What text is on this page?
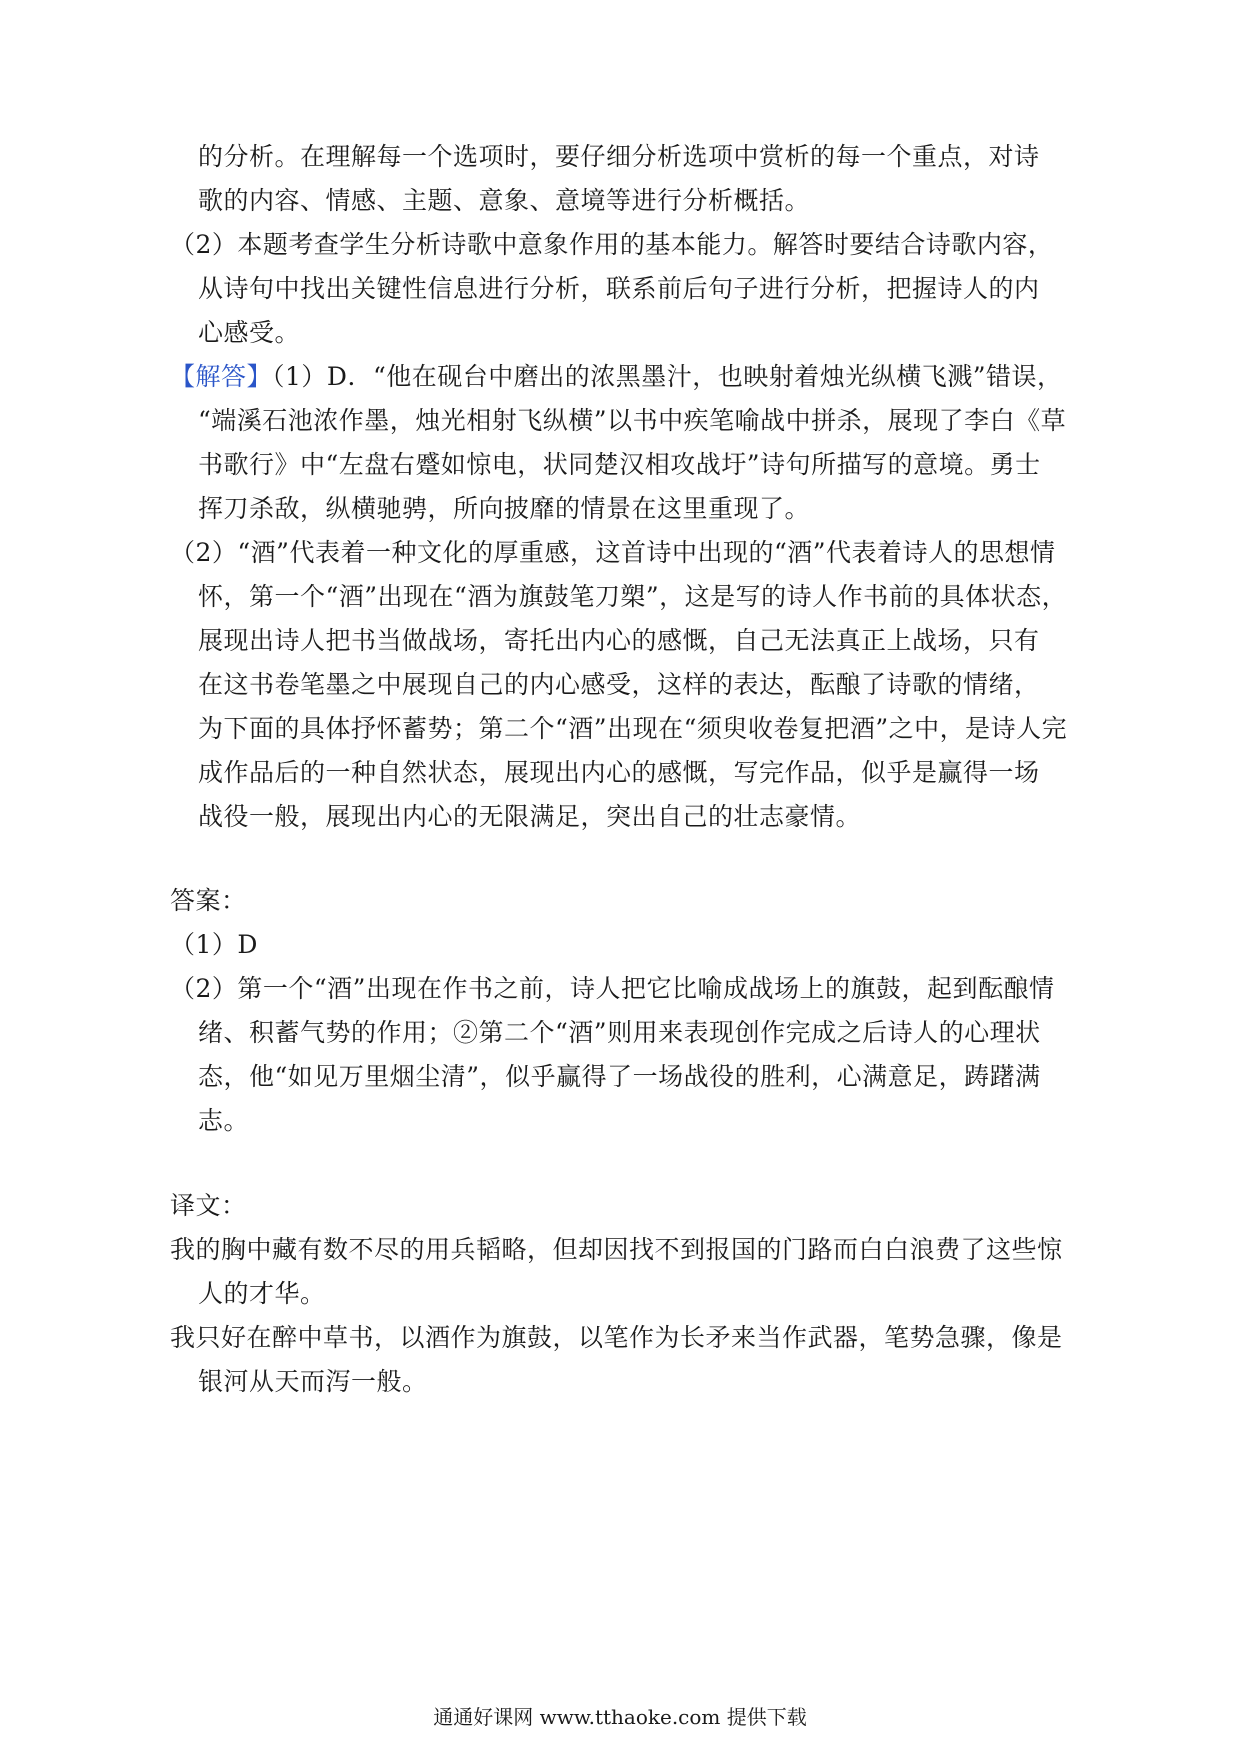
的分析。在理解每一个选项时，要仔细分析选项中赏析的每一个重点，对诗
歌的内容、情感、主题、意象、意境等进行分析概括。
（2）本题考查学生分析诗歌中意象作用的基本能力。解答时要结合诗歌内容，
从诗句中找出关键性信息进行分析，联系前后句子进行分析，把握诗人的内
心感受。
【解答】（1）D．“他在砚台中磨出的浓黑墨汁，也映射着烛光纵横飞溅”错误，
“端溪石池浓作墨，烛光相射飞纵横”以书中疾笔喻战中拼杀，展现了李白《草
书歌行》中“左盘右蹙如惊电，状同楚汉相攻战圩”诗句所描写的意境。勇士
挥刀杀敌，纵横驰骋，所向披靡的情景在这里重现了。
（2）“酒”代表着一种文化的厚重感，这首诗中出现的“酒”代表着诗人的思想情
怀，第一个“酒”出现在“酒为旗鼓笔刀槊”，这是写的诗人作书前的具体状态，
展现出诗人把书当做战场，寄托出内心的感慨，自己无法真正上战场，只有
在这书卷笔墨之中展现自己的内心感受，这样的表达，酝酿了诗歌的情绪，
为下面的具体抒怀蓄势；第二个“酒”出现在“须臾收卷复把酒”之中，是诗人完
成作品后的一种自然状态，展现出内心的感慨，写完作品，似乎是赢得一场
战役一般，展现出内心的无限满足，突出自己的壮志豪情。
答案：
（1）D
（2）第一个“酒”出现在作书之前，诗人把它比喻成战场上的旗鼓，起到酝酿情
绪、积蓄气势的作用；②第二个“酒”则用来表现创作完成之后诗人的心理状
态，他“如见万里烟尘清”，似乎赢得了一场战役的胜利，心满意足，踌躇满
志。
译文：
我的胸中藏有数不尽的用兵韬略，但却因找不到报国的门路而白白浪费了这些惊
人的才华。
我只好在醉中草书，以酒作为旗鼓，以笔作为长矛来当作武器，笔势急骤，像是
银河从天而泻一般。
通通好课网 www.tthaoke.com 提供下载
